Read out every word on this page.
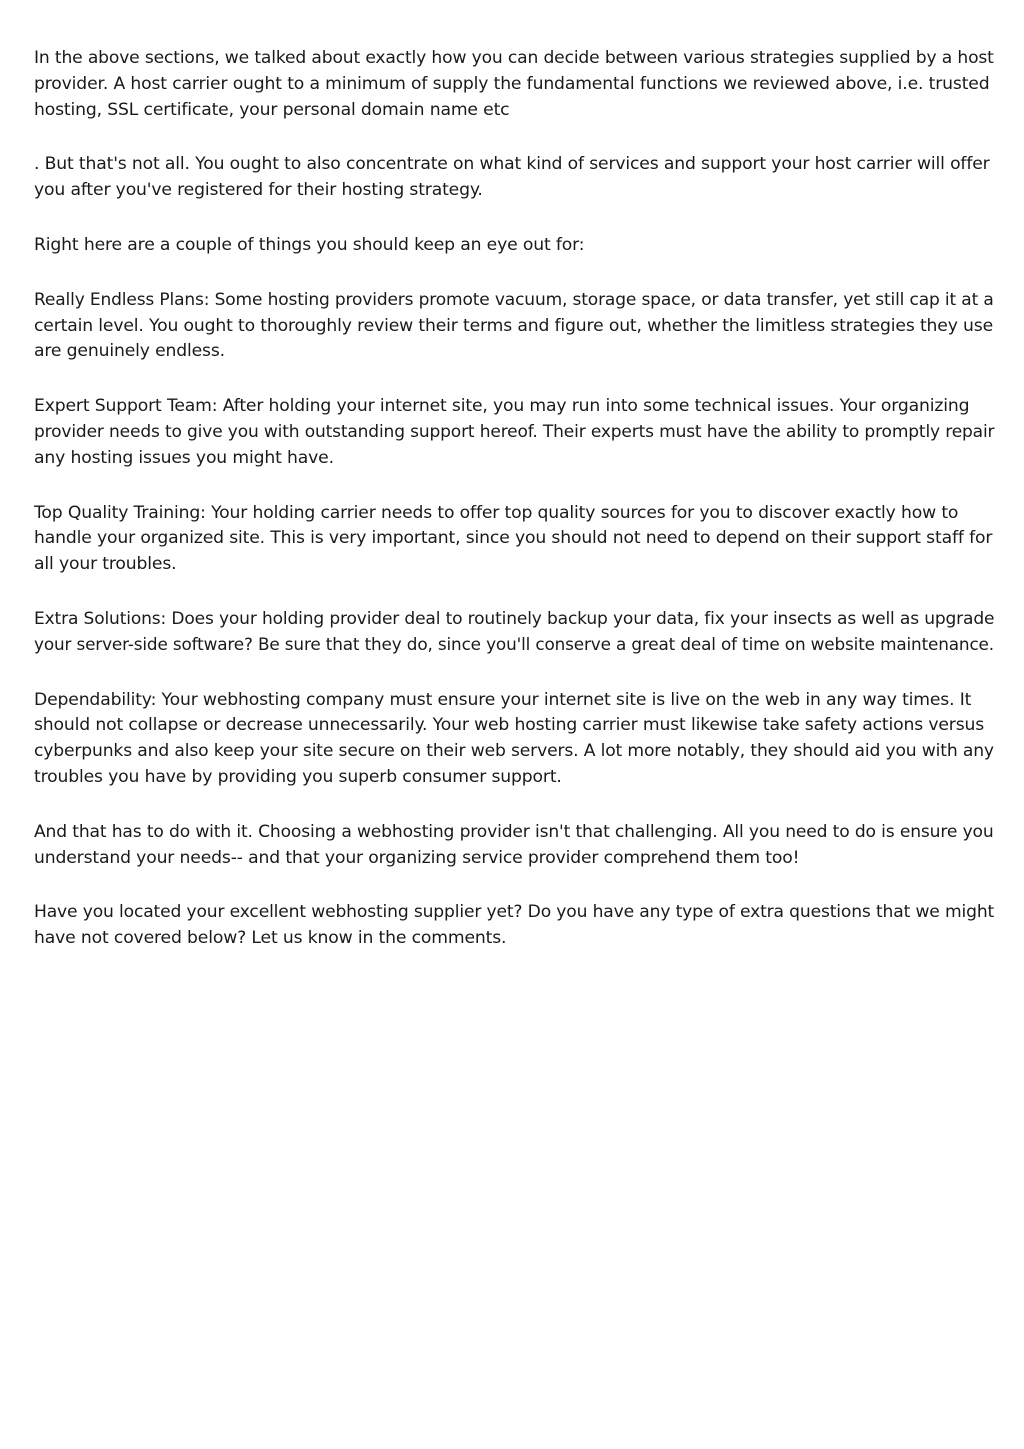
In the above sections, we talked about exactly how you can decide between various strategies supplied by a host
provider. A host carrier ought to a minimum of supply the fundamental functions we reviewed above, i.e. trusted
hosting, SSL certificate, your personal domain name etc

. But that's not all. You ought to also concentrate on what kind of services and support your host carrier will offer
you after you've registered for their hosting strategy.

Right here are a couple of things you should keep an eye out for:

Really Endless Plans: Some hosting providers promote vacuum, storage space, or data transfer, yet still cap it at a
certain level. You ought to thoroughly review their terms and figure out, whether the limitless strategies they use
are genuinely endless.

Expert Support Team: After holding your internet site, you may run into some technical issues. Your organizing
provider needs to give you with outstanding support hereof. Their experts must have the ability to promptly repair
any hosting issues you might have.

Top Quality Training: Your holding carrier needs to offer top quality sources for you to discover exactly how to
handle your organized site. This is very important, since you should not need to depend on their support staff for
all your troubles.

Extra Solutions: Does your holding provider deal to routinely backup your data, fix your insects as well as upgrade
your server-side software? Be sure that they do, since you'll conserve a great deal of time on website maintenance.

Dependability: Your webhosting company must ensure your internet site is live on the web in any way times. It
should not collapse or decrease unnecessarily. Your web hosting carrier must likewise take safety actions versus
cyberpunks and also keep your site secure on their web servers. A lot more notably, they should aid you with any
troubles you have by providing you superb consumer support.

And that has to do with it. Choosing a webhosting provider isn't that challenging. All you need to do is ensure you
understand your needs-- and that your organizing service provider comprehend them too!

Have you located your excellent webhosting supplier yet? Do you have any type of extra questions that we might
have not covered below? Let us know in the comments.
